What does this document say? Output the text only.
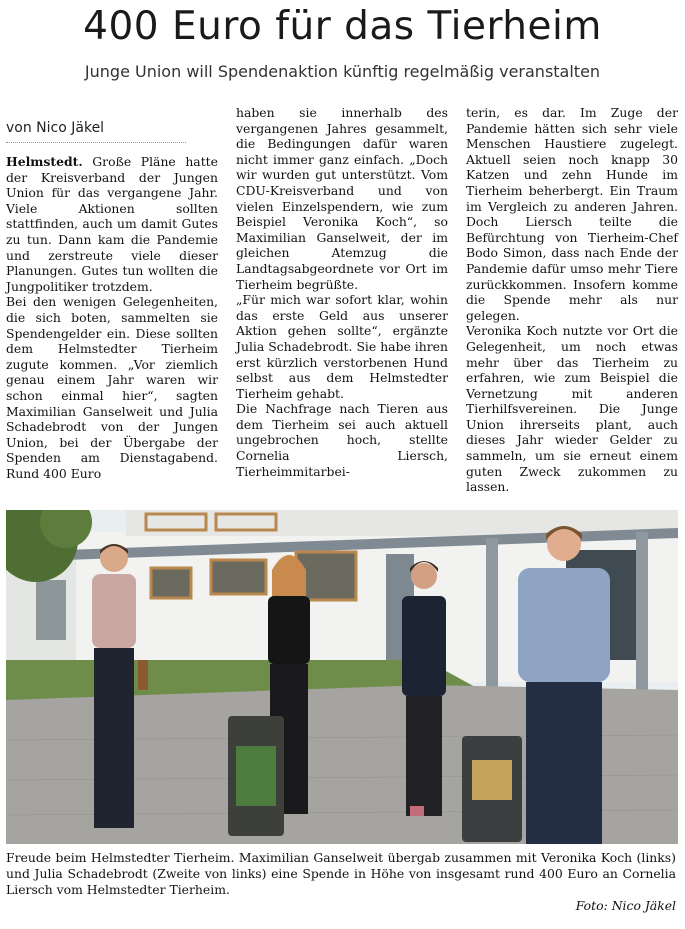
400 Euro für das Tierheim
Junge Union will Spendenaktion künftig regelmäßig veranstalten
von Nico Jäkel

Helmstedt. Große Pläne hatte der Kreisverband der Jungen Union für das vergangene Jahr. Viele Aktionen sollten stattfinden, auch um damit Gutes zu tun. Dann kam die Pandemie und zerstreute viele dieser Planungen. Gutes tun wollten die Jungpolitiker trotzdem.

Bei den wenigen Gelegenheiten, die sich boten, sammelten sie Spendengelder ein. Diese sollten dem Helmstedter Tierheim zugute kommen. „Vor ziemlich genau einem Jahr waren wir schon einmal hier“, sagten Maximilian Ganselweit und Julia Schadebrodt von der Jungen Union, bei der Übergabe der Spenden am Dienstagabend. Rund 400 Euro

haben sie innerhalb des vergangenen Jahres gesammelt, die Bedingungen dafür waren nicht immer ganz einfach. „Doch wir wurden gut unterstützt. Vom CDU-Kreisverband und von vielen Einzelspendern, wie zum Beispiel Veronika Koch“, so Maximilian Ganselweit, der im gleichen Atemzug die Landtagsabgeordnete vor Ort im Tierheim begrüßte.

„Für mich war sofort klar, wohin das erste Geld aus unserer Aktion gehen sollte“, ergänzte Julia Schadebrodt. Sie habe ihren erst kürzlich verstorbenen Hund selbst aus dem Helmstedter Tierheim gehabt.

Die Nachfrage nach Tieren aus dem Tierheim sei auch aktuell ungebrochen hoch, stellte Cornelia Liersch, Tierheimmitarbei-

terin, es dar. Im Zuge der Pandemie hätten sich sehr viele Menschen Haustiere zugelegt. Aktuell seien noch knapp 30 Katzen und zehn Hunde im Tierheim beherbergt. Ein Traum im Vergleich zu anderen Jahren. Doch Liersch teilte die Befürchtung von Tierheim-Chef Bodo Simon, dass nach Ende der Pandemie dafür umso mehr Tiere zurückkommen. Insofern komme die Spende mehr als nur gelegen.

Veronika Koch nutzte vor Ort die Gelegenheit, um noch etwas mehr über das Tierheim zu erfahren, wie zum Beispiel die Vernetzung mit anderen Tierhilfsvereinen. Die Junge Union ihrerseits plant, auch dieses Jahr wieder Gelder zu sammeln, um sie erneut einem guten Zweck zukommen zu lassen.

Freude beim Helmstedter Tierheim. Maximilian Ganselweit übergab zusammen mit Veronika Koch (links) und Julia Schadebrodt (Zweite von links) eine Spende in Höhe von insgesamt rund 400 Euro an Cornelia Liersch vom Helmstedter Tierheim.
Foto: Nico Jäkel
